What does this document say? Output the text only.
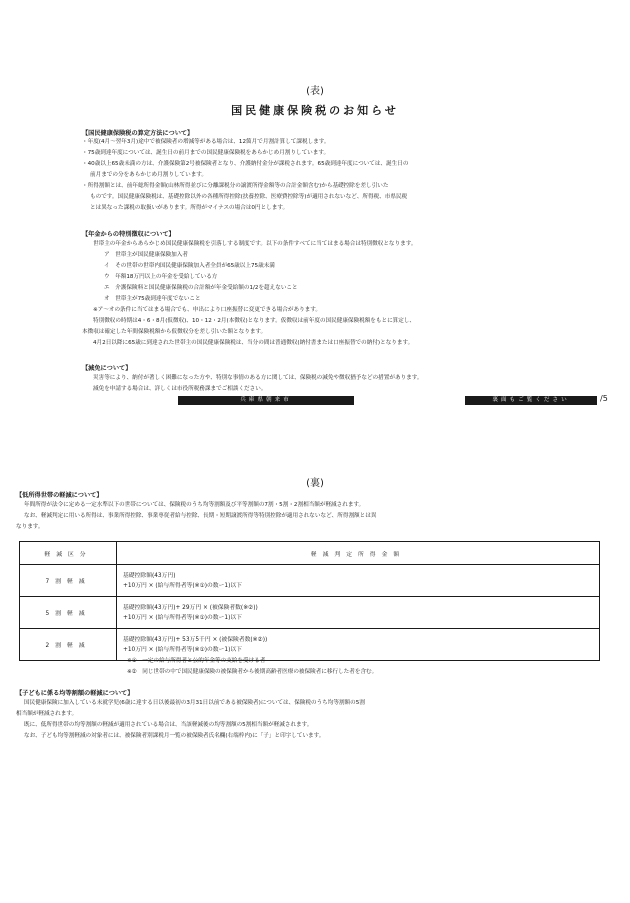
(表)
国民健康保険税のお知らせ
【国民健康保険税の算定方法について】
・年度(4月～翌年3月)途中で被保険者の増減等がある場合は、12箇月で月割計算して課税します。
・75歳到達年度については、誕生日の前月までの国民健康保険税をあらかじめ月割りしています。
・40歳以上65歳未満の方は、介護保険第2号被保険者となり、介護納付金分が課税されます。65歳到達年度については、誕生日の
前月までの分をあらかじめ月割りしています。
・所得割額とは、前年総所得金額(山林所得並びに分離課税分の譲渡所得金額等の合計金額含む)から基礎控除を差し引いた
ものです。国民健康保険税は、基礎控除以外の各種所得控除(扶養控除、医療費控除等)が適用されないなど、所得税、市県民税
とは異なった課税の取扱いがあります。所得がマイナスの場合は0円とします。
【年金からの特別徴収について】
世帯主の年金からあらかじめ国民健康保険税を引落しする制度です。以下の条件すべてに当てはまる場合は特別徴収となります。
ア　世帯主が国民健康保険加入者
イ　その世帯の世帯内国民健康保険加入者全員が65歳以上75歳未満
ウ　年額18万円以上の年金を受給している方
エ　介護保険料と国民健康保険税の合計額が年金受給額の1/2を超えないこと
オ　世帯主が75歳到達年度でないこと
※ア～オの条件に当てはまる場合でも、申出により口座振替に変更できる場合があります。
特別徴収の時期は4・6・8月(仮徴収)、10・12・2月(本徴収)となります。仮徴収は前年度の国民健康保険税額をもとに算定し、
本徴収は確定した年間保険税額から仮徴収分を差し引いた額となります。
4月2日以降に65歳に到達された世帯主の国民健康保険税は、当分の間は普通徴収(納付書または口座振替での納付)となります。
【減免について】
災害等により、納付が著しく困難になった方や、特別な事情のある方に関しては、保険税の減免や徴収猶予などの措置があります。
減免を申請する場合は、詳しくは市役所税務課までご相談ください。
兵庫県朝来市	裏面もご覧ください	/5
(裏)
【低所得世帯の軽減について】
年間所得が法令に定める一定水準以下の世帯については、保険税のうち均等割額及び平等割額の7割・5割・2割相当額が軽減されます。
なお、軽減判定に用いる所得は、事業所得控除、事業専従者給与控除、長期・短期譲渡所得等特別控除が適用されないなど、所得割額とは異
なります。
軽減区分	軽減判定所得金額
7割軽減	基礎控除額(43万円)
+10万円 × (給与所得者等(※①)の数ー1)以下

5割軽減	基礎控除額(43万円)+ 29万円 × (被保険者数(※②))
+10万円 × (給与所得者等(※①)の数ー1)以下

2割軽減	基礎控除額(43万円)+ 53万5千円 × (被保険者数(※②))
+10万円 × (給与所得者等(※①)の数ー1)以下
※①　一定の給与所得者と公的年金等の支給を受ける者
※②　同じ世帯の中で国民健康保険の被保険者から後期高齢者医療の被保険者に移行した者を含む。
【子どもに係る均等割額の軽減について】
国民健康保険に加入している未就学児(6歳に達する日以後最初の3月31日以前である被保険者)については、保険税のうち均等割額の5割
相当額が軽減されます。
既に、低所得世帯の均等割額の軽減が適用されている場合は、当該軽減後の均等割額の5割相当額が軽減されます。
なお、子ども均等割軽減の対象者には、被保険者別課税月一覧の被保険者氏名欄(右端枠内)に「子」と印字しています。
